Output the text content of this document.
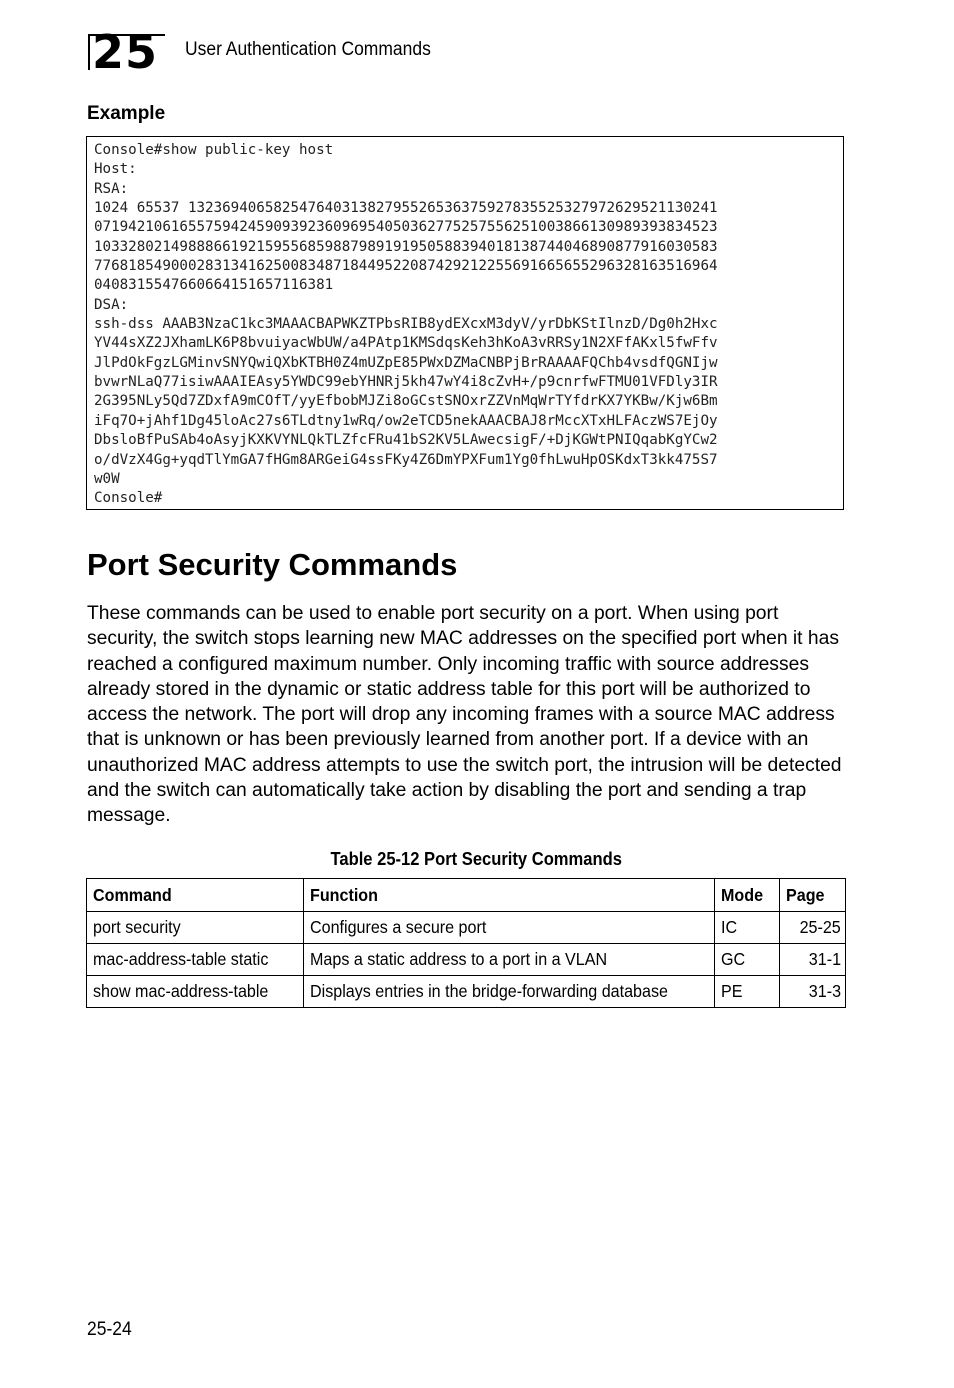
25 User Authentication Commands
Example
Console#show public-key host
Host:
RSA:
1024 65537 13236940658254764031382795526536375927835525327972629521130241
0719421061655759424590939236096954050362775257556251003866130989393834523
1033280214988866192159556859887989191950588394018138744046890877916030583
7768185490002831341625008348718449522087429212255691665655296328163516964
0408315547660664151657116381
DSA:
ssh-dss AAAB3NzaC1kc3MAAACBAPWKZTPbsRIB8ydEXcxM3dyV/yrDbKStIlnzD/Dg0h2Hxc
YV44sXZ2JXhamLK6P8bvuiyacWbUW/a4PAtp1KMSdqsKeh3hKoA3vRRSy1N2XFfAKxl5fwFfv
JlPdOkFgzLGMinvSNYQwiQXbKTBH0Z4mUZpE85PWxDZMaCNBPjBrRAAAAFQChb4vsdfQGNIjw
bvwrNLaQ77isiwAAAIEAsy5YWDC99ebYHNRj5kh47wY4i8cZvH+/p9cnrfwFTMU01VFDly3IR
2G395NLy5Qd7ZDxfA9mCOfT/yyEfbobMJZi8oGCstSNOxrZZVnMqWrTYfdrKX7YKBw/Kjw6Bm
iFq7O+jAhf1Dg45loAc27s6TLdtny1wRq/ow2eTCD5nekAAACBAJ8rMccXTxHLFAczWS7EjOy
DbsloBfPuSAb4oAsyjKXKVYNLQkTLZfcFRu41bS2KV5LAwecsigF/+DjKGWtPNIQqabKgYCw2
o/dVzX4Gg+yqdTlYmGA7fHGm8ARGeiG4ssFKy4Z6DmYPXFum1Yg0fhLwuHpOSKdxT3kk475S7
w0W
Console#

Port Security Commands

These commands can be used to enable port security on a port. When using port security, the switch stops learning new MAC addresses on the specified port when it has reached a configured maximum number. Only incoming traffic with source addresses already stored in the dynamic or static address table for this port will be authorized to access the network. The port will drop any incoming frames with a source MAC address that is unknown or has been previously learned from another port. If a device with an unauthorized MAC address attempts to use the switch port, the intrusion will be detected and the switch can automatically take action by disabling the port and sending a trap message.

Table 25-12 Port Security Commands
Command	Function	Mode	Page
port security	Configures a secure port	IC	25-25
mac-address-table static	Maps a static address to a port in a VLAN	GC	31-1
show mac-address-table	Displays entries in the bridge-forwarding database	PE	31-3
25-24
